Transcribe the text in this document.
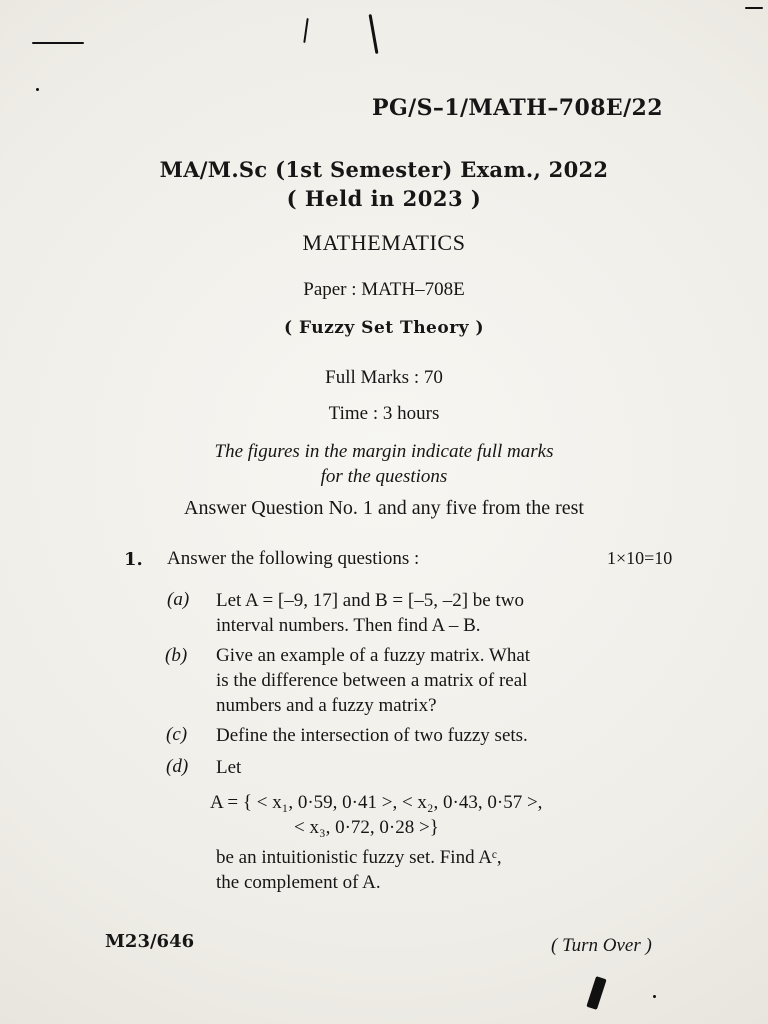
PG/S–1/MATH–708E/22
MA/M.Sc (1st Semester) Exam., 2022
( Held in 2023 )
MATHEMATICS
Paper : MATH–708E
( Fuzzy Set Theory )
Full Marks : 70
Time : 3 hours
The figures in the margin indicate full marks
for the questions
Answer Question No. 1 and any five from the rest
1. Answer the following questions :	1×10=10
(a) Let A = [–9, 17] and B = [–5, –2] be two
interval numbers. Then find A – B.
(b) Give an example of a fuzzy matrix. What
is the difference between a matrix of real
numbers and a fuzzy matrix?
(c) Define the intersection of two fuzzy sets.
(d) Let
A = { < x₁, 0·59, 0·41 >, < x₂, 0·43, 0·57 >,
< x₃, 0·72, 0·28 >}
be an intuitionistic fuzzy set. Find Aᶜ,
the complement of A.
M23/646	( Turn Over )
